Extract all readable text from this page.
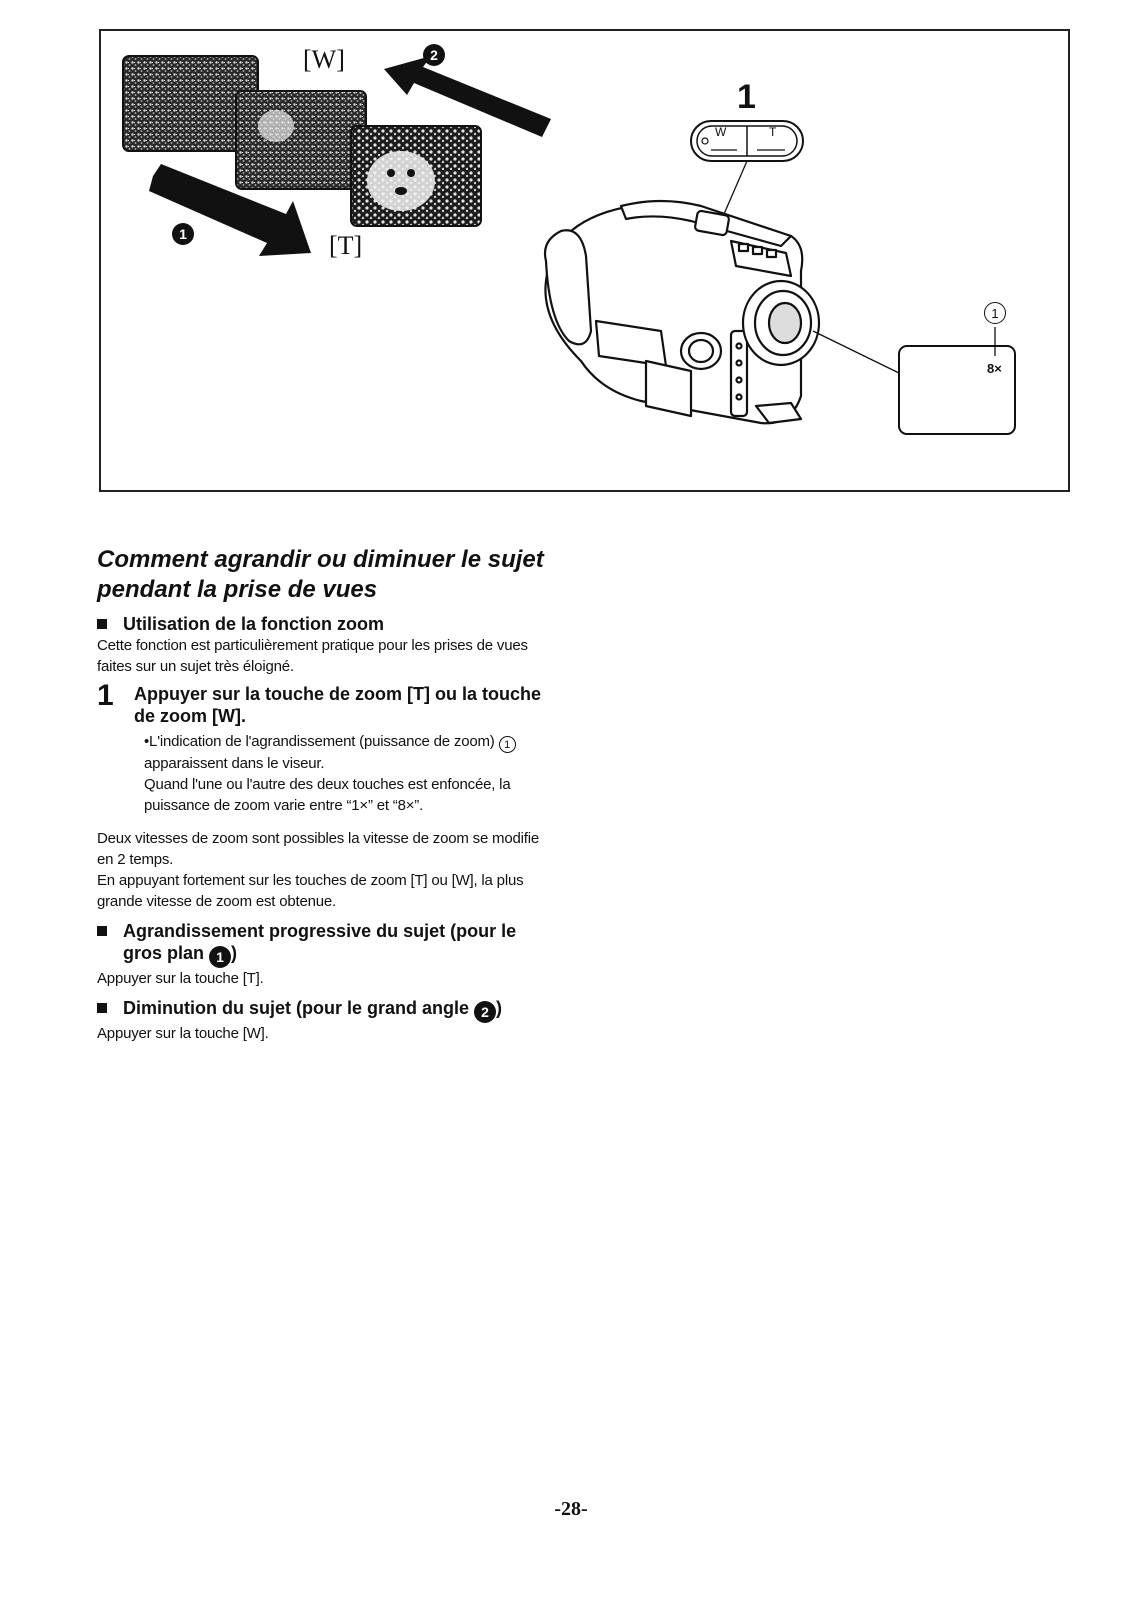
[W]
[T]
2
1
1
W	T
1
8×
Comment agrandir ou diminuer le sujet pendant la prise de vues
Utilisation de la fonction zoom

Cette fonction est particulièrement pratique pour les prises de vues faites sur un sujet très éloigné.

1 Appuyer sur la touche de zoom [T] ou la touche de zoom [W].

•L'indication de l'agrandissement (puissance de zoom) 1 apparaissent dans le viseur.

Quand l'une ou l'autre des deux touches est enfoncée, la puissance de zoom varie entre “1×” et “8×”.

Deux vitesses de zoom sont possibles la vitesse de zoom se modifie en 2 temps.

En appuyant fortement sur les touches de zoom [T] ou [W], la plus grande vitesse de zoom est obtenue.

Agrandissement progressive du sujet (pour le gros plan 1 )

Appuyer sur la touche [T].

Diminution du sujet (pour le grand angle 2 )

Appuyer sur la touche [W].

-28-
